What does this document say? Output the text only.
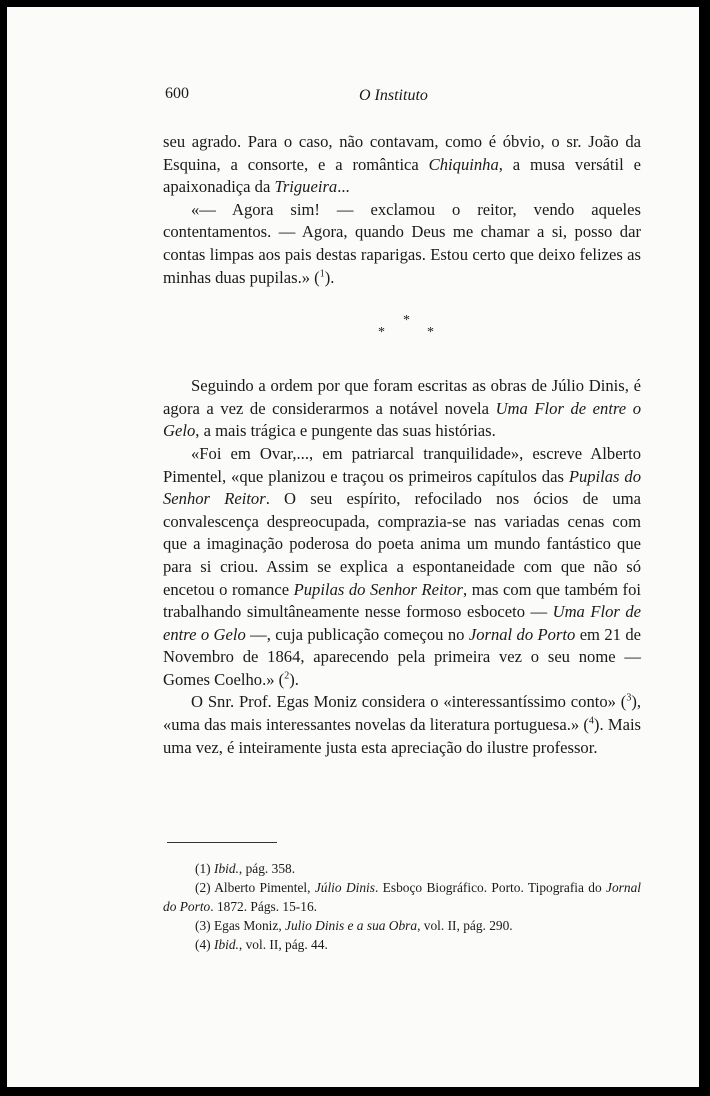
600	O Instituto

seu agrado. Para o caso, não contavam, como é óbvio, o sr. João da Esquina, a consorte, e a romântica Chiquinha, a musa versátil e apaixonadiça da Trigueira...

«— Agora sim! — exclamou o reitor, vendo aqueles contentamentos. — Agora, quando Deus me chamar a si, posso dar contas limpas aos pais destas raparigas. Estou certo que deixo felizes as minhas duas pupilas.» ($^1$).

*
*	*

Seguindo a ordem por que foram escritas as obras de Júlio Dinis, é agora a vez de considerarmos a notável novela Uma Flor de entre o Gelo, a mais trágica e pungente das suas histórias.

«Foi em Ovar,..., em patriarcal tranquilidade», escreve Alberto Pimentel, «que planizou e traçou os primeiros capítulos das Pupilas do Senhor Reitor. O seu espírito, refocilado nos ócios de uma convalescença despreocupada, comprazia-se nas variadas cenas com que a imaginação poderosa do poeta anima um mundo fantástico que para si criou. Assim se explica a espontaneidade com que não só encetou o romance Pupilas do Senhor Reitor, mas com que também foi trabalhando simultâneamente nesse formoso esboceto — Uma Flor de entre o Gelo —, cuja publicação começou no Jornal do Porto em 21 de Novembro de 1864, aparecendo pela primeira vez o seu nome — Gomes Coelho.» ($^2$).

O Snr. Prof. Egas Moniz considera o «interessantíssimo conto» ($^3$), «uma das mais interessantes novelas da literatura portuguesa.» ($^4$). Mais uma vez, é inteiramente justa esta apreciação do ilustre professor.

(1) Ibid., pág. 358.

(2) Alberto Pimentel, Júlio Dinis. Esboço Biográfico. Porto. Tipografia do Jornal do Porto. 1872. Págs. 15-16.

(3) Egas Moniz, Julio Dinis e a sua Obra, vol. II, pág. 290.

(4) Ibid., vol. II, pág. 44.
